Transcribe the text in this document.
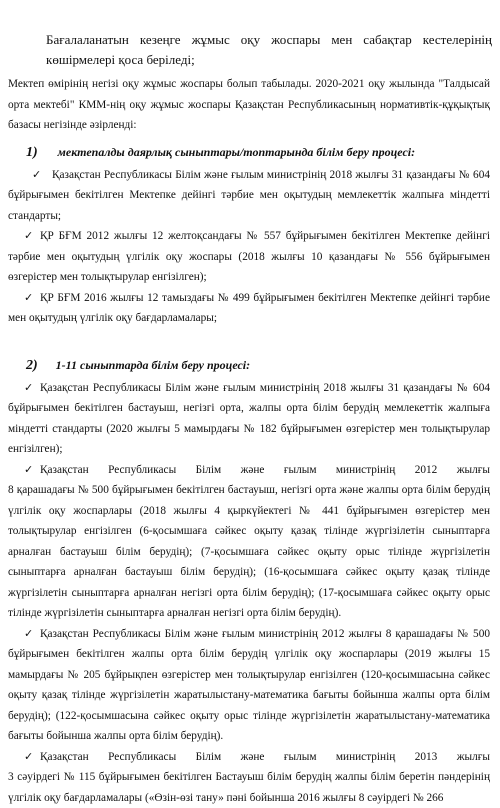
Бағалаланатын кезеңге жұмыс оқу жоспары мен сабақтар кестелерінің көшірмелері қоса беріледі;

Мектеп өмірінің негізі оқу жұмыс жоспары болып табылады. 2020-2021 оқу жылында "Талдысай орта мектебі" КММ-нің оқу жұмыс жоспары Қазақстан Республикасының нормативтік-құқықтық базасы негізінде әзірленді:

1) мектепалды даярлық сыныптары/топтарында білім беру процесі:

✓ Қазақстан Республикасы Білім және ғылым министрінің 2018 жылғы 31 қазандағы № 604 бұйрығымен бекітілген Мектепке дейінгі тәрбие мен оқытудың мемлекеттік жалпыға міндетті стандарты;

✓ ҚР БҒМ 2012 жылғы 12 желтоқсандағы № 557 бұйрығымен бекітілген Мектепке дейінгі тәрбие мен оқытудың үлгілік оқу жоспары (2018 жылғы 10 қазандағы № 556 бұйрығымен өзгерістер мен толықтырулар енгізілген);

✓ ҚР БҒМ 2016 жылғы 12 тамыздағы № 499 бұйрығымен бекітілген Мектепке дейінгі тәрбие мен оқытудың үлгілік оқу бағдарламалары;

2) 1-11 сыныптарда білім беру процесі:

✓ Қазақстан Республикасы Білім және ғылым министрінің 2018 жылғы 31 қазандағы № 604 бұйрығымен бекітілген бастауыш, негізгі орта, жалпы орта білім берудің мемлекеттік жалпыға міндетті стандарты (2020 жылғы 5 мамырдағы № 182 бұйрығымен өзгерістер мен толықтырулар енгізілген);

✓ Қазақстан Республикасы Білім және ғылым министрінің 2012 жылғы
8 қарашадағы № 500 бұйрығымен бекітілген бастауыш, негізгі орта және жалпы орта білім берудің үлгілік оқу жоспарлары (2018 жылғы 4 қыркүйектегі № 441 бұйрығымен өзгерістер мен толықтырулар енгізілген (6-қосымшаға сәйкес оқыту қазақ тілінде жүргізілетін сыныптарға арналған бастауыш білім берудің); (7-қосымшаға сәйкес оқыту орыс тілінде жүргізілетін сыныптарға арналған бастауыш білім берудің); (16-қосымшаға сәйкес оқыту қазақ тілінде жүргізілетін сыныптарға арналған негізгі орта білім берудің); (17-қосымшаға сәйкес оқыту орыс тілінде жүргізілетін сыныптарға арналған негізгі орта білім берудің).

✓ Қазақстан Республикасы Білім және ғылым министрінің 2012 жылғы 8 қарашадағы № 500 бұйрығымен бекітілген жалпы орта білім берудің үлгілік оқу жоспарлары (2019 жылғы 15 мамырдағы № 205 бұйрықпен өзгерістер мен толықтырулар енгізілген (120-қосымшасына сәйкес оқыту қазақ тілінде жүргізілетін жаратылыстану-математика бағыты бойынша жалпы орта білім берудің); (122-қосымшасына сәйкес оқыту орыс тілінде жүргізілетін жаратылыстану-математика бағыты бойынша жалпы орта білім берудің).

✓ Қазақстан Республикасы Білім және ғылым министрінің 2013 жылғы
3 сәуірдегі № 115 бұйрығымен бекітілген Бастауыш білім берудің жалпы білім беретін пәндерінің үлгілік оқу бағдарламалары («Өзін-өзі тану» пәні бойынша 2016 жылғы 8 сәуірдегі № 266
